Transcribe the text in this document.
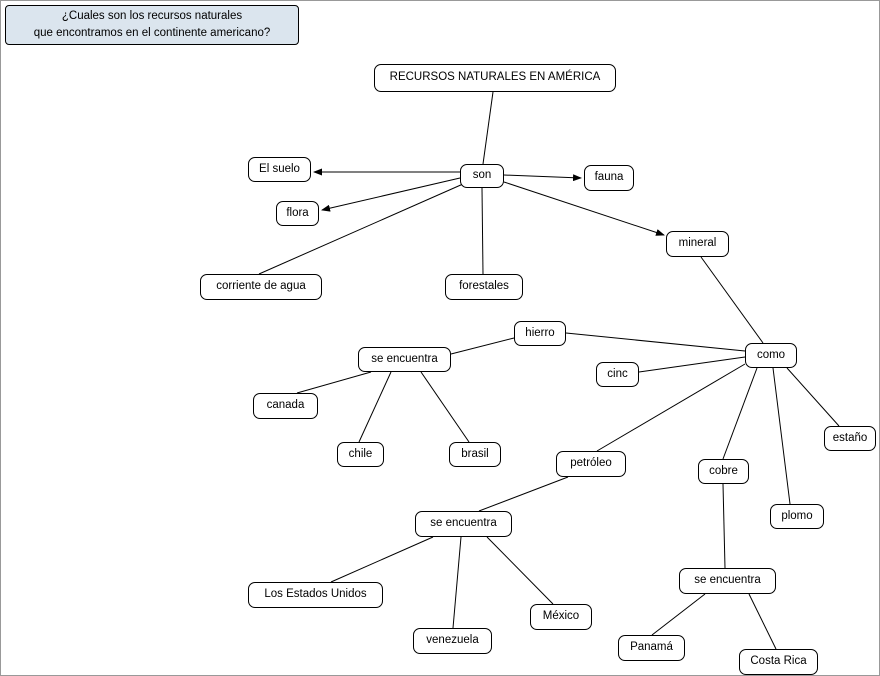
¿Cuales son los recursos naturales
que encontramos en el continente americano?
RECURSOS NATURALES EN AMÉRICA
son
El suelo
flora
corriente de agua	forestales
fauna
mineral
como
hierro
cinc
estaño
plomo
cobre
petróleo
se encuentra
canada
chile	brasil
se encuentra
Los Estados Unidos
venezuela
México
se encuentra
Panamá
Costa Rica
